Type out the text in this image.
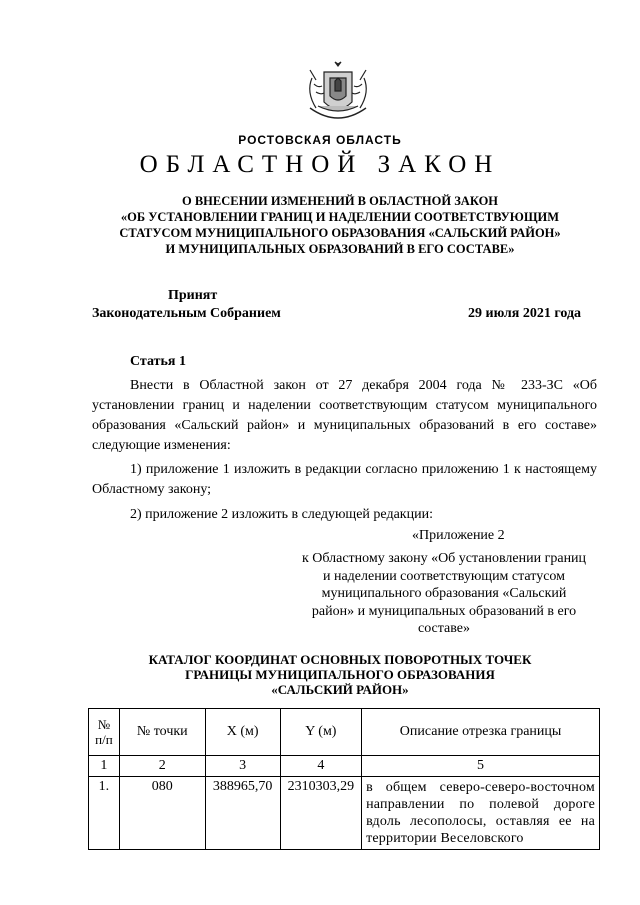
РОСТОВСКАЯ ОБЛАСТЬ
ОБЛАСТНОЙ ЗАКОН
О ВНЕСЕНИИ ИЗМЕНЕНИЙ В ОБЛАСТНОЙ ЗАКОН
«ОБ УСТАНОВЛЕНИИ ГРАНИЦ И НАДЕЛЕНИИ СООТВЕТСТВУЮЩИМ
СТАТУСОМ МУНИЦИПАЛЬНОГО ОБРАЗОВАНИЯ «САЛЬСКИЙ РАЙОН»
И МУНИЦИПАЛЬНЫХ ОБРАЗОВАНИЙ В ЕГО СОСТАВЕ»
Принят
Законодательным Собранием	29 июля 2021 года
Статья 1
Внести в Областной закон от 27 декабря 2004 года № 233-ЗС «Об установлении границ и наделении соответствующим статусом муниципального образования «Сальский район» и муниципальных образований в его составе» следующие изменения:
1) приложение 1 изложить в редакции согласно приложению 1 к настоящему Областному закону;
2) приложение 2 изложить в следующей редакции:
«Приложение 2
к Областному закону «Об установлении границ и наделении соответствующим статусом муниципального образования «Сальский район» и муниципальных образований в его составе»
КАТАЛОГ КООРДИНАТ ОСНОВНЫХ ПОВОРОТНЫХ ТОЧЕК
ГРАНИЦЫ МУНИЦИПАЛЬНОГО ОБРАЗОВАНИЯ
«САЛЬСКИЙ РАЙОН»
№ п/п	№ точки	X (м)	Y (м)	Описание отрезка границы
1	2	3	4	5
1.	080	388965,70	2310303,29	в общем северо-северо-восточном направлении по полевой дороге вдоль лесополосы, оставляя ее на территории Веселовского
